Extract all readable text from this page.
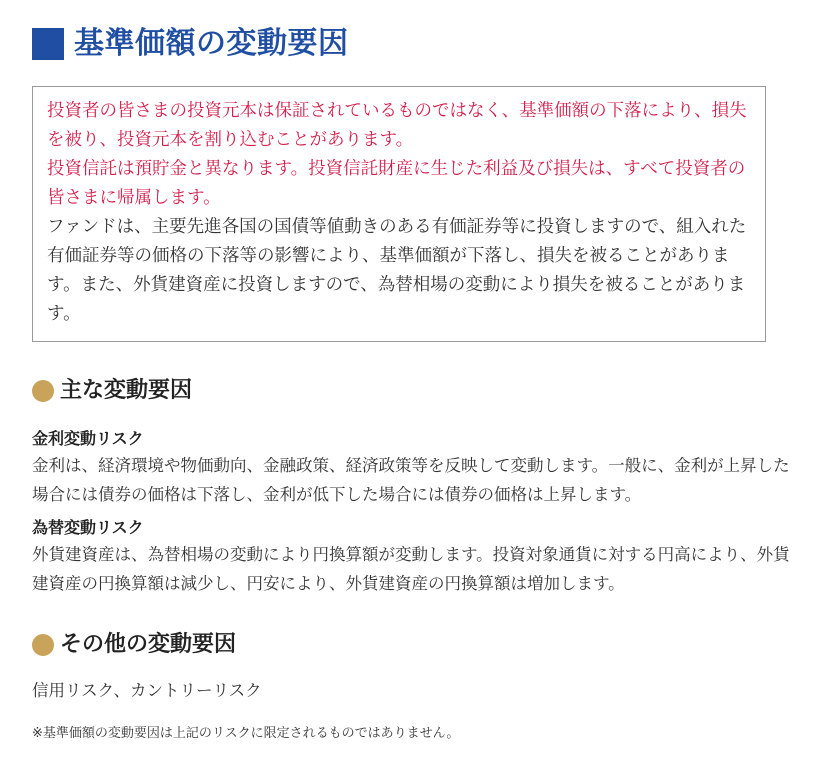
基準価額の変動要因

投資者の皆さまの投資元本は保証されているものではなく、基準価額の下落により、損失を被り、投資元本を割り込むことがあります。

投資信託は預貯金と異なります。投資信託財産に生じた利益及び損失は、すべて投資者の皆さまに帰属します。

ファンドは、主要先進各国の国債等値動きのある有価証券等に投資しますので、組入れた有価証券等の価格の下落等の影響により、基準価額が下落し、損失を被ることがあります。また、外貨建資産に投資しますので、為替相場の変動により損失を被ることがあります。

主な変動要因
金利変動リスク

金利は、経済環境や物価動向、金融政策、経済政策等を反映して変動します。一般に、金利が上昇した場合には債券の価格は下落し、金利が低下した場合には債券の価格は上昇します。

為替変動リスク

外貨建資産は、為替相場の変動により円換算額が変動します。投資対象通貨に対する円高により、外貨建資産の円換算額は減少し、円安により、外貨建資産の円換算額は増加します。

その他の変動要因

信用リスク、カントリーリスク

※基準価額の変動要因は上記のリスクに限定されるものではありません。
